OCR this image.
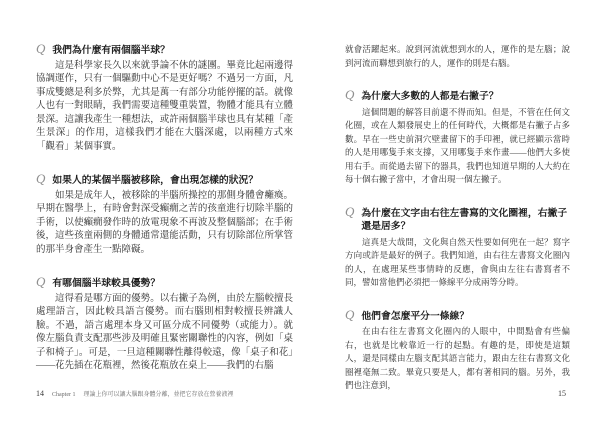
Q 我們為什麼有兩個腦半球？

這是科學家長久以來就爭論不休的謎團。畢竟比起兩邊得協調運作，只有一個驅動中心不是更好嗎？不過另一方面，凡事成雙總是利多於弊，尤其是萬一有部分功能停擺的話。就像人也有一對眼睛，我們需要這種雙重裝置，物體才能具有立體景深。這讓我產生一種想法，或許兩個腦半球也具有某種「產生景深」的作用，這樣我們才能在大腦深處，以兩種方式來「觀看」某個事實。

Q 如果人的某個半腦被移除，會出現怎樣的狀況？

如果是成年人，被移除的半腦所操控的那側身體會癱瘓。早期在醫學上，有時會對深受癲癇之苦的孩童進行切除半腦的手術，以使癲癇發作時的放電現象不再波及整個腦部；在手術後，這些孩童兩側的身體通常還能活動，只有切除部位所掌管的那半身會產生一點障礙。

Q 有哪個腦半球較具優勢？

這得看是哪方面的優勢。以右撇子為例，由於左腦較擅長處理語言，因此較具語言優勢。而右腦則相對較擅長辨識人臉。不過，語言處理本身又可區分成不同優勢（或能力）。就像左腦負責支配那些涉及明確且緊密關聯性的內容，例如「桌子和椅子」。可是，一旦這種關聯性離得較遠，像「桌子和花」——花先插在花瓶裡，然後花瓶放在桌上——我們的右腦

就會活躍起來。說到河流就想到水的人，運作的是左腦；說到河流而聯想到旅行的人，運作的則是右腦。

Q 為什麼大多數的人都是右撇子？

這個問題的解答目前還不得而知。但是，不管在任何文化圈，或在人類發展史上的任何時代，大概都是右撇子占多數。早在一些史前洞穴壁畫留下的手印裡，就已經顯示當時的人是用哪隻手來支撐，又用哪隻手來作畫——他們大多使用右手。而從過去留下的器具，我們也知道早期的人大約在每十個右撇子當中，才會出現一個左撇子。

Q 為什麼在文字由右往左書寫的文化圈裡，右撇子還是居多？

這真是大哉問，文化與自然天性要如何兜在一起？寫字方向或許是最好的例子。我們知道，由右往左書寫文化圈內的人，在處理某些事情時的反應，會與由左往右書寫者不同，譬如當他們必須把一條線平分成兩等分時。

Q 他們會怎麼平分一條線？

在由右往左書寫文化圈內的人眼中，中間點會有些偏右，也就是比較靠近一行的起點。有趣的是，即使是這類人，還是同樣由左腦支配其語言能力，跟由左往右書寫文化圈裡毫無二致。畢竟只要是人，都有著相同的腦。另外，我們也注意到，

14 Chapter 1 理論上你可以讓大腦跟身體分離，並把它存放在營養液裡	15
